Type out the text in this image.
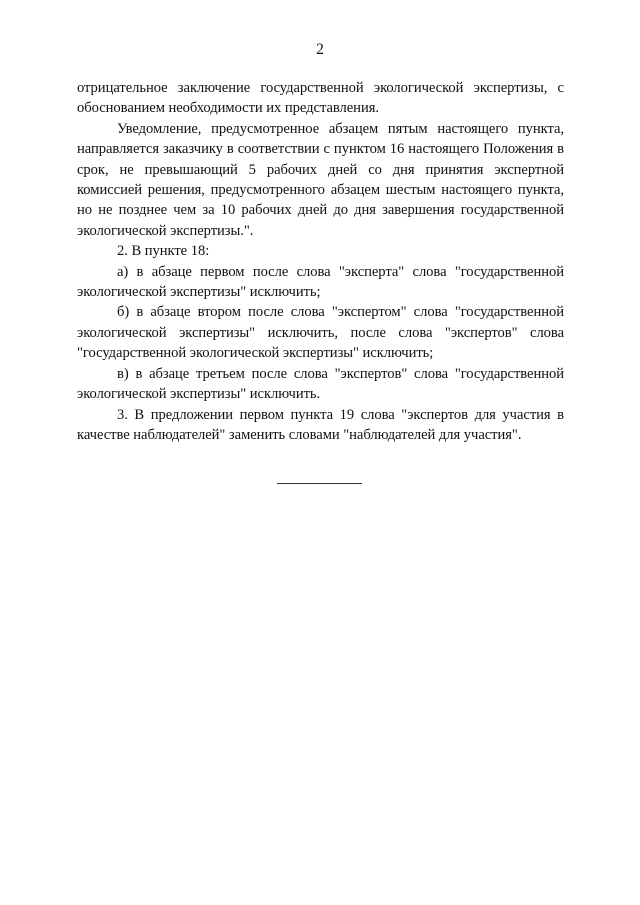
2

отрицательное заключение государственной экологической экспертизы, с обоснованием необходимости их представления.

Уведомление, предусмотренное абзацем пятым настоящего пункта, направляется заказчику в соответствии с пунктом 16 настоящего Положения в срок, не превышающий 5 рабочих дней со дня принятия экспертной комиссией решения, предусмотренного абзацем шестым настоящего пункта, но не позднее чем за 10 рабочих дней до дня завершения государственной экологической экспертизы.".

2. В пункте 18:

а) в абзаце первом после слова "эксперта" слова "государственной экологической экспертизы" исключить;

б) в абзаце втором после слова "экспертом" слова "государственной экологической экспертизы" исключить, после слова "экспертов" слова "государственной экологической экспертизы" исключить;

в) в абзаце третьем после слова "экспертов" слова "государственной экологической экспертизы" исключить.

3. В предложении первом пункта 19 слова "экспертов для участия в качестве наблюдателей" заменить словами "наблюдателей для участия".
